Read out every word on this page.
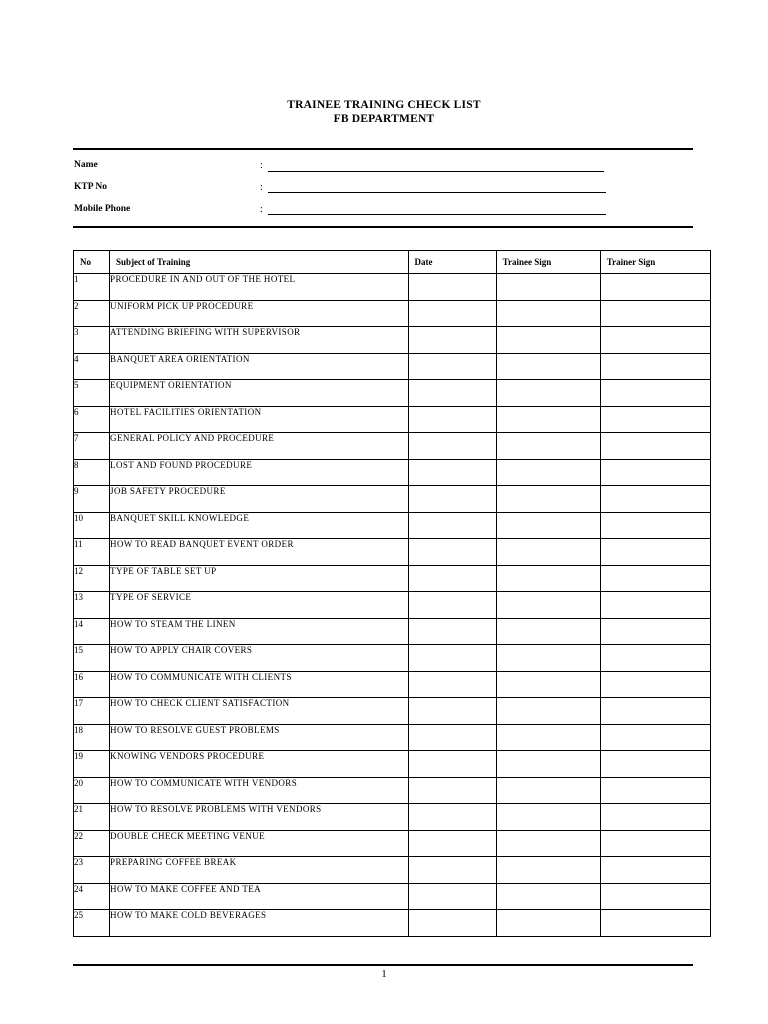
TRAINEE TRAINING CHECK LIST
FB DEPARTMENT
Name	:
KTP No	:
Mobile Phone	:
No	Subject of Training	Date	Trainee Sign	Trainer Sign
1	PROCEDURE IN AND OUT OF THE HOTEL			
2	UNIFORM PICK UP PROCEDURE			
3	ATTENDING BRIEFING WITH SUPERVISOR			
4	BANQUET AREA ORIENTATION			
5	EQUIPMENT ORIENTATION			
6	HOTEL FACILITIES ORIENTATION			
7	GENERAL POLICY AND PROCEDURE			
8	LOST AND FOUND PROCEDURE			
9	JOB SAFETY PROCEDURE			
10	BANQUET SKILL KNOWLEDGE			
11	HOW TO READ BANQUET EVENT ORDER			
12	TYPE OF TABLE SET UP			
13	TYPE OF SERVICE			
14	HOW TO STEAM THE LINEN			
15	HOW TO APPLY CHAIR COVERS			
16	HOW TO COMMUNICATE WITH CLIENTS			
17	HOW TO CHECK CLIENT SATISFACTION			
18	HOW TO RESOLVE GUEST PROBLEMS			
19	KNOWING VENDORS PROCEDURE			
20	HOW TO COMMUNICATE WITH VENDORS			
21	HOW TO RESOLVE PROBLEMS WITH VENDORS			
22	DOUBLE CHECK MEETING VENUE			
23	PREPARING COFFEE BREAK			
24	HOW TO MAKE COFFEE AND TEA			
25	HOW TO MAKE COLD BEVERAGES			
1
